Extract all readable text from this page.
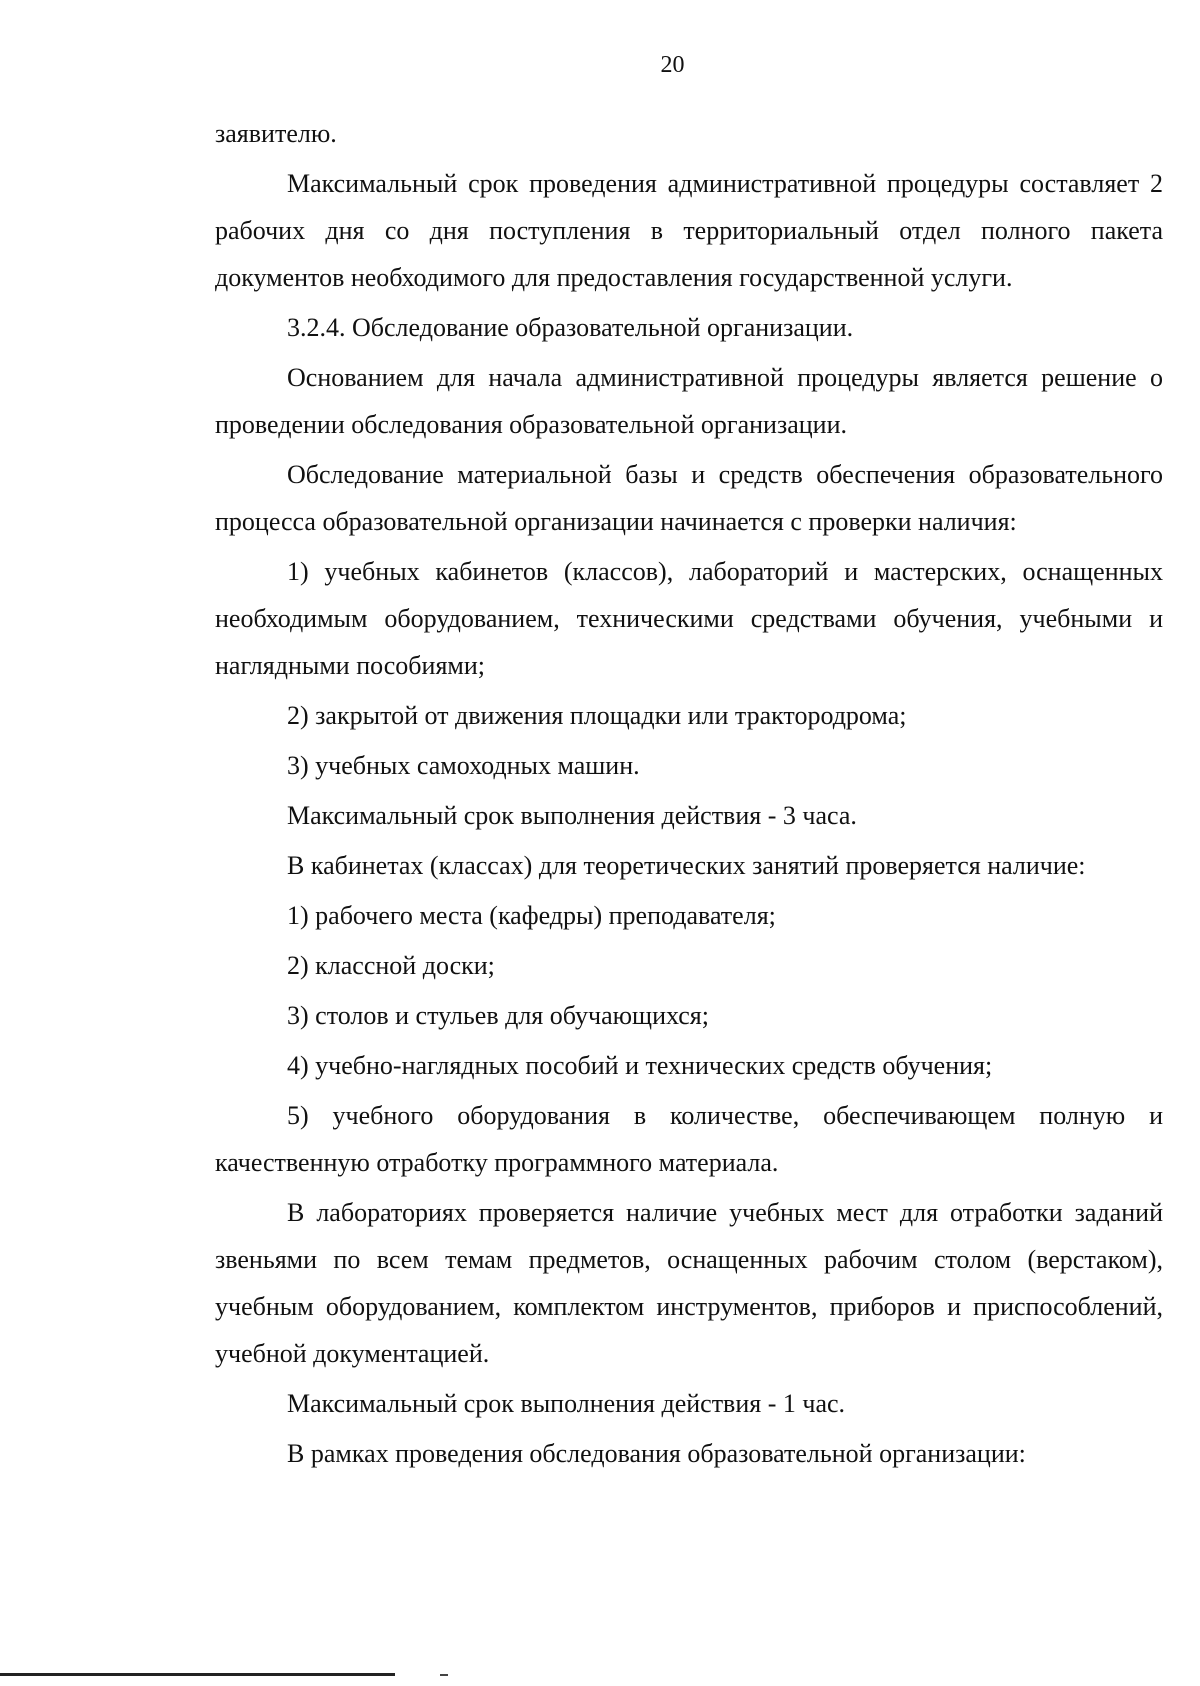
20

заявителю.

Максимальный срок проведения административной процедуры составляет 2 рабочих дня со дня поступления в территориальный отдел полного пакета документов необходимого для предоставления государственной услуги.

3.2.4. Обследование образовательной организации.

Основанием для начала административной процедуры является решение о проведении обследования образовательной организации.

Обследование материальной базы и средств обеспечения образовательного процесса образовательной организации начинается с проверки наличия:

1) учебных кабинетов (классов), лабораторий и мастерских, оснащенных необходимым оборудованием, техническими средствами обучения, учебными и наглядными пособиями;

2) закрытой от движения площадки или трактородрома;

3) учебных самоходных машин.

Максимальный срок выполнения действия - 3 часа.

В кабинетах (классах) для теоретических занятий проверяется наличие:

1) рабочего места (кафедры) преподавателя;

2) классной доски;

3) столов и стульев для обучающихся;

4) учебно-наглядных пособий и технических средств обучения;

5) учебного оборудования в количестве, обеспечивающем полную и качественную отработку программного материала.

В лабораториях проверяется наличие учебных мест для отработки заданий звеньями по всем темам предметов, оснащенных рабочим столом (верстаком), учебным оборудованием, комплектом инструментов, приборов и приспособлений, учебной документацией.

Максимальный срок выполнения действия - 1 час.

В рамках проведения обследования образовательной организации:
